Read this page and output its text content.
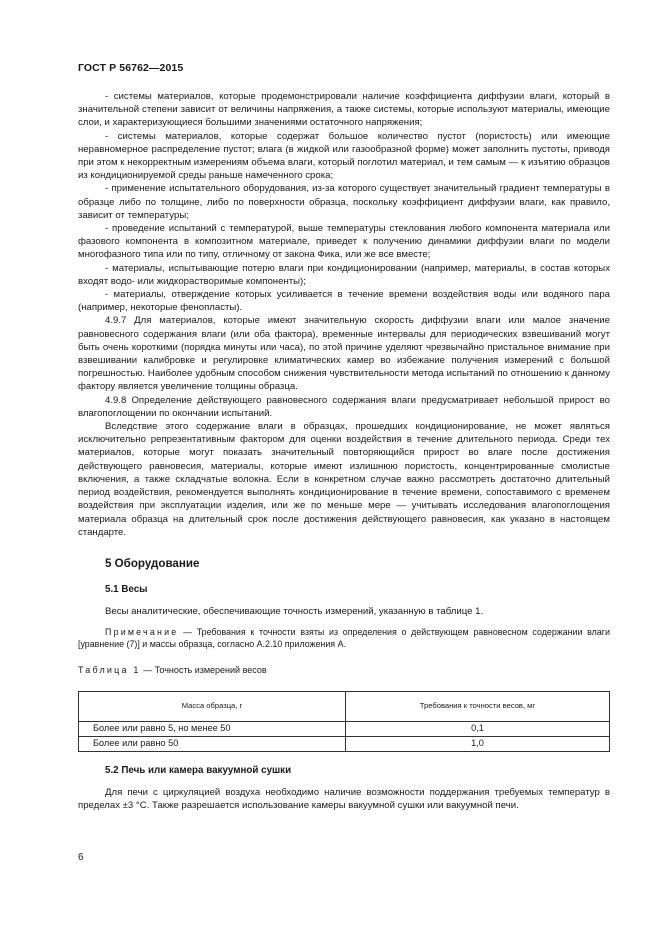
ГОСТ Р 56762—2015

- системы материалов, которые продемонстрировали наличие коэффициента диффузии влаги, который в значительной степени зависит от величины напряжения, а также системы, которые используют материалы, имеющие слои, и характеризующиеся большими значениями остаточного напряжения;

- системы материалов, которые содержат большое количество пустот (пористость) или имеющие неравномерное распределение пустот; влага (в жидкой или газообразной форме) может заполнить пустоты, приводя при этом к некорректным измерениям объема влаги, который поглотил материал, и тем самым — к изъятию образцов из кондиционируемой среды раньше намеченного срока;

- применение испытательного оборудования, из-за которого существует значительный градиент температуры в образце либо по толщине, либо по поверхности образца, поскольку коэффициент диффузии влаги, как правило, зависит от температуры;

- проведение испытаний с температурой, выше температуры стеклования любого компонента материала или фазового компонента в композитном материале, приведет к получению динамики диффузии влаги по модели многофазного типа или по типу, отличному от закона Фика, или же все вместе;

- материалы, испытывающие потерю влаги при кондиционировании (например, материалы, в состав которых входят водо- или жидкорастворимые компоненты);

- материалы, отверждение которых усиливается в течение времени воздействия воды или водяного пара (например, некоторые фенопласты).

4.9.7 Для материалов, которые имеют значительную скорость диффузии влаги или малое значение равновесного содержания влаги (или оба фактора), временные интервалы для периодических взвешиваний могут быть очень короткими (порядка минуты или часа), по этой причине уделяют чрезвычайно пристальное внимание при взвешивании калибровке и регулировке климатических камер во избежание получения измерений с большой погрешностью. Наиболее удобным способом снижения чувствительности метода испытаний по отношению к данному фактору является увеличение толщины образца.

4.9.8 Определение действующего равновесного содержания влаги предусматривает небольшой прирост во влагопоглощении по окончании испытаний.

Вследствие этого содержание влаги в образцах, прошедших кондиционирование, не может являться исключительно репрезентативным фактором для оценки воздействия в течение длительного периода. Среди тех материалов, которые могут показать значительный повторяющийся прирост во влаге после достижения действующего равновесия, материалы, которые имеют излишнюю пористость, концентрированные смолистые включения, а также складчатые волокна. Если в конкретном случае важно рассмотреть достаточно длительный период воздействия, рекомендуется выполнять кондиционирование в течение времени, сопоставимого с временем воздействия при эксплуатации изделия, или же по меньше мере — учитывать исследования влагопоглощения материала образца на длительный срок после достижения действующего равновесия, как указано в настоящем стандарте.

5 Оборудование
5.1 Весы

Весы аналитические, обеспечивающие точность измерений, указанную в таблице 1.

Примечание — Требования к точности взяты из определения о действующем равновесном содержании влаги [уравнение (7)] и массы образца, согласно А.2.10 приложения А.

Таблица 1 — Точность измерений весов

Масса образца, г	Требования к точности весов, мг
Более или равно 5, но менее 50	0,1
Более или равно 50	1,0
5.2 Печь или камера вакуумной сушки

Для печи с циркуляцией воздуха необходимо наличие возможности поддержания требуемых температур в пределах ±3 °С. Также разрешается использование камеры вакуумной сушки или вакуумной печи.

6
